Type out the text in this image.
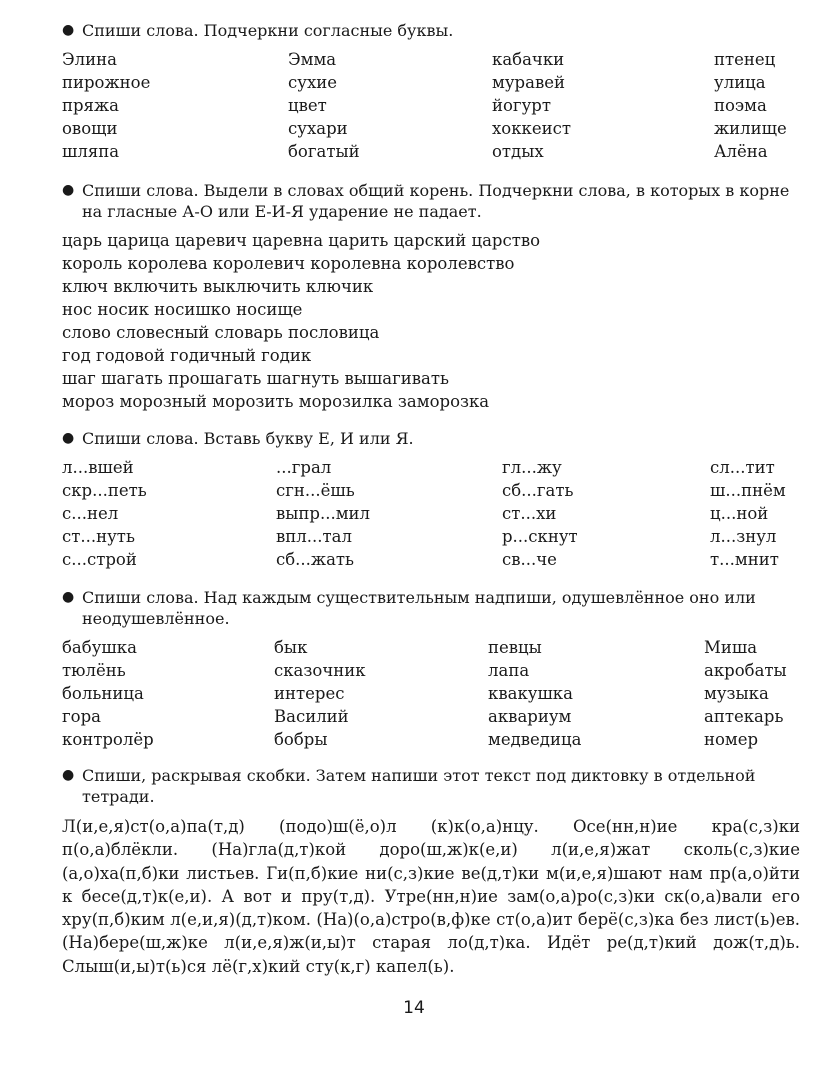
● Спиши слова. Подчеркни согласные буквы.
Элина	Эмма	кабачки	птенец
пирожное	сухие	муравей	улица
пряжа	цвет	йогурт	поэма
овощи	сухари	хоккеист	жилище
шляпа	богатый	отдых	Алёна
● Спиши слова. Выдели в словах общий корень. Подчеркни слова, в которых в корне на гласные А-О или Е-И-Я ударение не падает.
царь царица царевич царевна царить царский царство
король королева королевич королевна королевство
ключ включить выключить ключик
нос носик носишко носище
слово словесный словарь пословица
год годовой годичный годик
шаг шагать прошагать шагнуть вышагивать
мороз морозный морозить морозилка заморозка
● Спиши слова. Вставь букву Е, И или Я.
л...вшей	...грал	гл...жу	сл...тит
скр...петь	сгн...ёшь	сб...гать	ш...пнём
с...нел	выпр...мил	ст...хи	ц...ной
ст...нуть	впл...тал	р...скнут	л...знул
с...строй	сб...жать	св...че	т...мнит
● Спиши слова. Над каждым существительным надпиши, одушевлённое оно или неодушевлённое.
бабушка	бык	певцы	Миша
тюлёнь	сказочник	лапа	акробаты
больница	интерес	квакушка	музыка
гора	Василий	аквариум	аптекарь
контролёр	бобры	медведица	номер
● Спиши, раскрывая скобки. Затем напиши этот текст под диктовку в отдельной тетради.
Л(и,е,я)ст(о,а)па(т,д) (подо)ш(ё,о)л (к)к(о,а)нцу. Осе(нн,н)ие кра(с,з)ки п(о,а)блёкли. (На)гла(д,т)кой доро(ш,ж)к(е,и) л(и,е,я)жат сколь(с,з)кие (а,о)ха(п,б)ки листьев. Ги(п,б)кие ни(с,з)кие ве(д,т)ки м(и,е,я)шают нам пр(а,о)йти к бесе(д,т)к(е,и). А вот и пру(т,д). Утре(нн,н)ие зам(о,а)ро(с,з)ки ск(о,а)вали его хру(п,б)ким л(е,и,я)(д,т)ком. (На)(о,а)стро(в,ф)ке ст(о,а)ит берё(с,з)ка без лист(ь)ев. (На)бере(ш,ж)ке л(и,е,я)ж(и,ы)т старая ло(д,т)ка. Идёт ре(д,т)кий дож(т,д)ь. Слыш(и,ы)т(ь)ся лё(г,х)кий сту(к,г) капел(ь).
14
